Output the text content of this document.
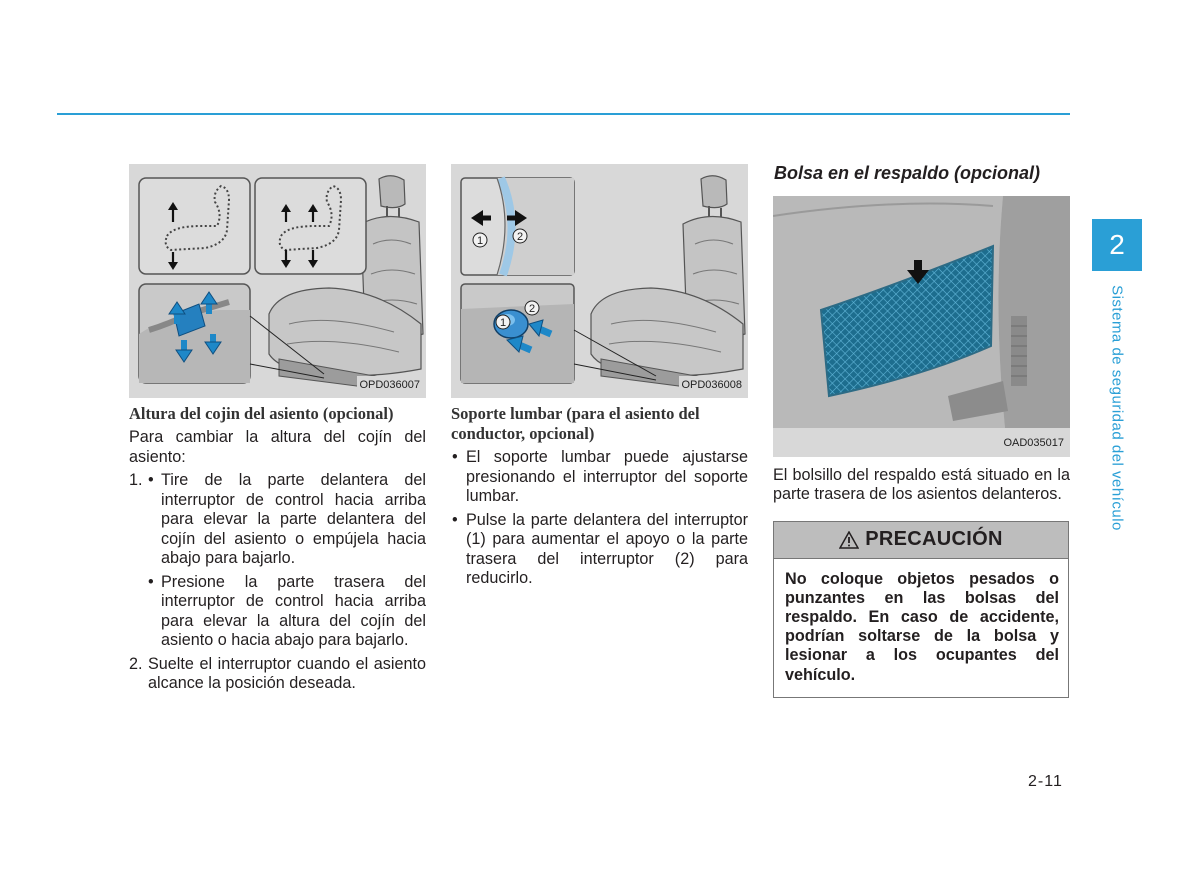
OPD036007
Altura del cojin del asiento (opcional)

Para cambiar la altura del cojín del asiento:

1.
•	Tire de la parte delantera del interruptor de control hacia arriba para elevar la parte delantera del cojín del asiento o empújela hacia abajo para bajarlo.
• Presione la parte trasera del interruptor de control hacia arriba para elevar la altura del cojín del asiento o hacia abajo para bajarlo.
2. Suelte el interruptor cuando el asiento alcance la posición deseada.
1	2
2
1
OPD036008
Soporte lumbar (para el asiento del conductor, opcional)
• El soporte lumbar puede ajustarse presionando el interruptor del soporte lumbar.
• Pulse la parte delantera del interruptor (1) para aumentar el apoyo o la parte trasera del interruptor (2) para reducirlo.
Bolsa en el respaldo (opcional)
OAD035017

El bolsillo del respaldo está situado en la parte trasera de los asientos delanteros.

PRECAUCIÓN
No coloque objetos pesados o punzantes en las bolsas del respaldo. En caso de accidente, podrían soltarse de la bolsa y lesionar a los ocupantes del vehículo.
2
Sistema de seguridad del vehículo
2-11
